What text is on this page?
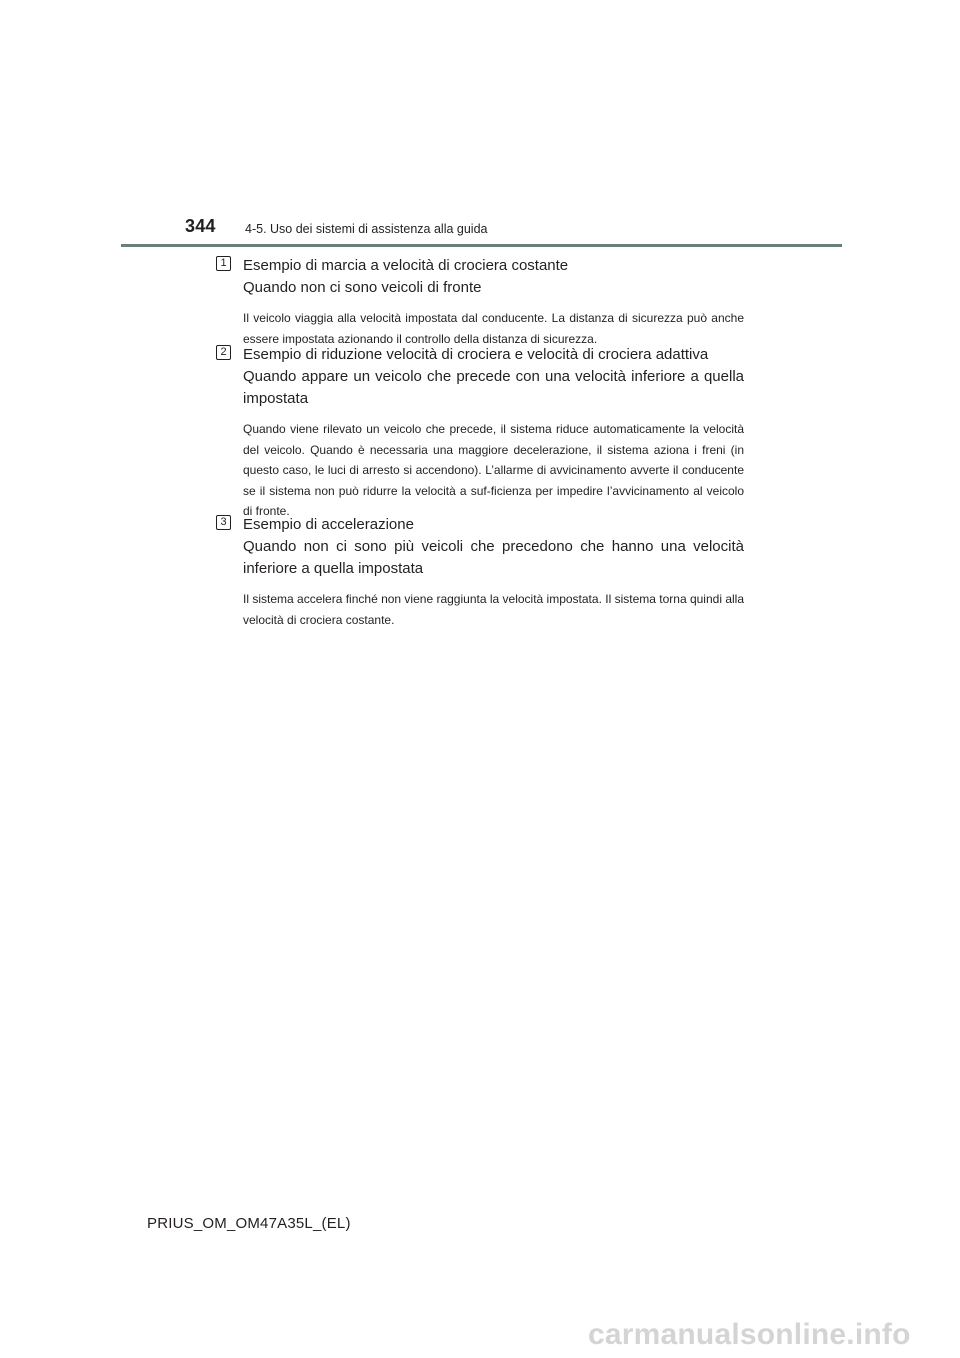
344 4-5. Uso dei sistemi di assistenza alla guida
1 Esempio di marcia a velocità di crociera costante
Quando non ci sono veicoli di fronte
Il veicolo viaggia alla velocità impostata dal conducente. La distanza di sicurezza può anche essere impostata azionando il controllo della distanza di sicurezza.
2 Esempio di riduzione velocità di crociera e velocità di crociera adattiva
Quando appare un veicolo che precede con una velocità inferiore a quella impostata
Quando viene rilevato un veicolo che precede, il sistema riduce automaticamente la velocità del veicolo. Quando è necessaria una maggiore decelerazione, il sistema aziona i freni (in questo caso, le luci di arresto si accendono). L’allarme di avvicinamento avverte il conducente se il sistema non può ridurre la velocità a suf-ficienza per impedire l’avvicinamento al veicolo di fronte.
3 Esempio di accelerazione
Quando non ci sono più veicoli che precedono che hanno una velocità inferiore a quella impostata
Il sistema accelera finché non viene raggiunta la velocità impostata. Il sistema torna quindi alla velocità di crociera costante.
PRIUS_OM_OM47A35L_(EL)
carmanualsonline.info
